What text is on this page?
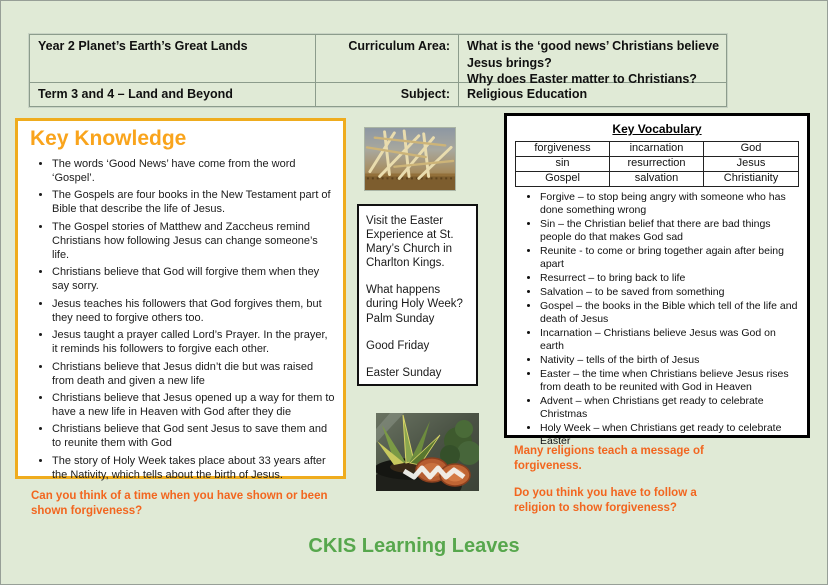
Year 2 Planet’s Earth’s Great Lands	Curriculum Area:	What is the ‘good news’ Christians believe Jesus brings?
Why does Easter matter to Christians?
Term 3 and 4 – Land and Beyond	Subject:	Religious Education
Key Knowledge
• The words ‘Good News’ have come from the word ‘Gospel’.
• The Gospels are four books in the New Testament part of Bible that describe the life of Jesus.
• The Gospel stories of Matthew and Zaccheus remind Christians how following Jesus can change someone’s life.
• Christians believe that God will forgive them when they say sorry.
• Jesus teaches his followers that God forgives them, but they need to forgive others too.
• Jesus taught a prayer called Lord’s Prayer. In the prayer, it reminds his followers to forgive each other.
• Christians believe that Jesus didn’t die but was raised from death and given a new life
• Christians believe that Jesus opened up a way for them to have a new life in Heaven with God after they die
• Christians believe that God sent Jesus to save them and to reunite them with God
• The story of Holy Week takes place about 33 years after the Nativity, which tells about the birth of Jesus.

Visit the Easter Experience at St. Mary’s Church in Charlton Kings.

What happens during Holy Week?

Palm Sunday

Good Friday

Easter Sunday

Key Vocabulary
forgiveness	incarnation	God
sin	resurrection	Jesus
Gospel	salvation	Christianity
• Forgive – to stop being angry with someone who has done something wrong
• Sin – the Christian belief that there are bad things people do that makes God sad
• Reunite - to come or bring together again after being apart
• Resurrect – to bring back to life
• Salvation – to be saved from something
• Gospel – the books in the Bible which tell of the life and death of Jesus
• Incarnation – Christians believe Jesus was God on earth
• Nativity – tells of the birth of Jesus
• Easter – the time when Christians believe Jesus rises from death to be reunited with God in Heaven
• Advent – when Christians get ready to celebrate Christmas
• Holy Week – when Christians get ready to celebrate Easter
Can you think of a time when you have shown or been shown forgiveness?

Many religions teach a message of forgiveness.

Do you think you have to follow a religion to show forgiveness?

CKIS Learning Leaves
